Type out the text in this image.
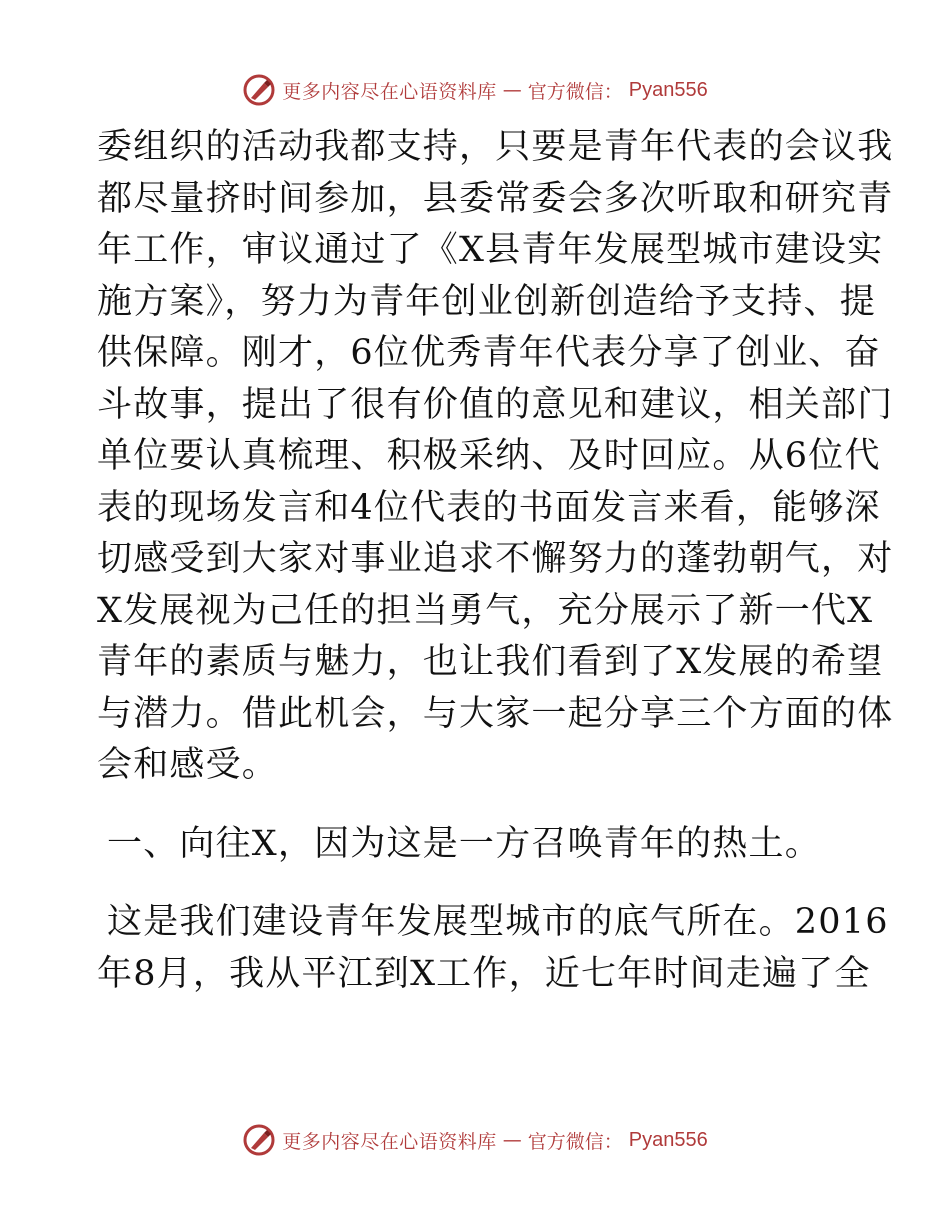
更多内容尽在心语资料库 — 官方微信： Pyan556
委组织的活动我都支持，只要是青年代表的会议我
都尽量挤时间参加，县委常委会多次听取和研究青
年工作，审议通过了《X县青年发展型城市建设实
施方案》，努力为青年创业创新创造给予支持、提
供保障。刚才，6位优秀青年代表分享了创业、奋
斗故事，提出了很有价值的意见和建议，相关部门
单位要认真梳理、积极采纳、及时回应。从6位代
表的现场发言和4位代表的书面发言来看，能够深
切感受到大家对事业追求不懈努力的蓬勃朝气，对
X发展视为己任的担当勇气，充分展示了新一代X
青年的素质与魅力，也让我们看到了X发展的希望
与潜力。借此机会，与大家一起分享三个方面的体
会和感受。
一、向往X，因为这是一方召唤青年的热土。
这是我们建设青年发展型城市的底气所在。2016
年8月，我从平江到X工作，近七年时间走遍了全
更多内容尽在心语资料库 — 官方微信： Pyan556
